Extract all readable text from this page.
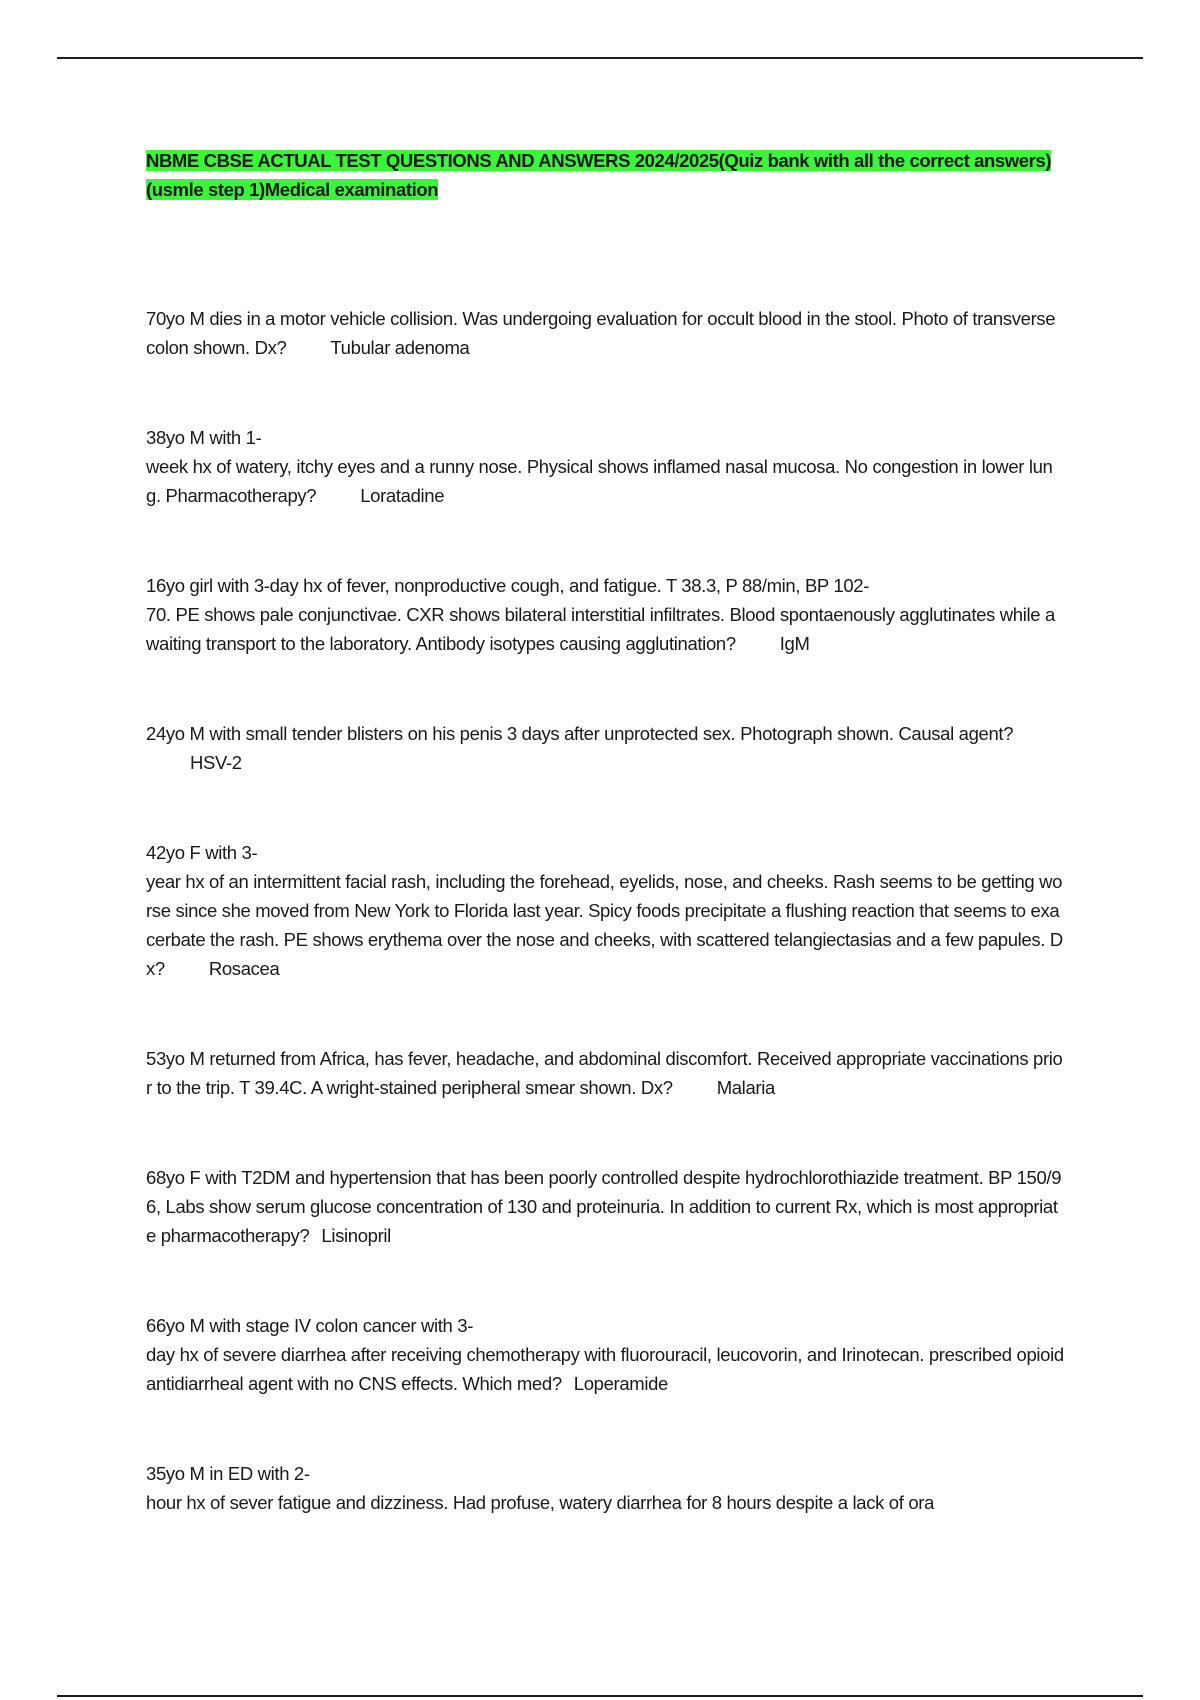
NBME CBSE ACTUAL TEST QUESTIONS AND ANSWERS 2024/2025(Quiz bank with all the correct answers)(usmle step 1)Medical examination

70yo M dies in a motor vehicle collision. Was undergoing evaluation for occult blood in the stool. Photo of transverse colon shown. Dx? Tubular adenoma

38yo M with 1-
week hx of watery, itchy eyes and a runny nose. Physical shows inflamed nasal mucosa. No congestion in lower lung. Pharmacotherapy? Loratadine

16yo girl with 3-day hx of fever, nonproductive cough, and fatigue. T 38.3, P 88/min, BP 102-
70. PE shows pale conjunctivae. CXR shows bilateral interstitial infiltrates. Blood spontaenously agglutinates while awaiting transport to the laboratory. Antibody isotypes causing agglutination? IgM

24yo M with small tender blisters on his penis 3 days after unprotected sex. Photograph shown. Causal agent?HSV-2

42yo F with 3-
year hx of an intermittent facial rash, including the forehead, eyelids, nose, and cheeks. Rash seems to be getting worse since she moved from New York to Florida last year. Spicy foods precipitate a flushing reaction that seems to exacerbate the rash. PE shows erythema over the nose and cheeks, with scattered telangiectasias and a few papules. Dx? Rosacea

53yo M returned from Africa, has fever, headache, and abdominal discomfort. Received appropriate vaccinations prior to the trip. T 39.4C. A wright-stained peripheral smear shown. Dx? Malaria

68yo F with T2DM and hypertension that has been poorly controlled despite hydrochlorothiazide treatment. BP 150/96, Labs show serum glucose concentration of 130 and proteinuria. In addition to current Rx, which is most appropriate pharmacotherapy? Lisinopril

66yo M with stage IV colon cancer with 3-
day hx of severe diarrhea after receiving chemotherapy with fluorouracil, leucovorin, and Irinotecan. prescribed opioid antidiarrheal agent with no CNS effects. Which med? Loperamide

35yo M in ED with 2-
hour hx of sever fatigue and dizziness. Had profuse, watery diarrhea for 8 hours despite a lack of ora
